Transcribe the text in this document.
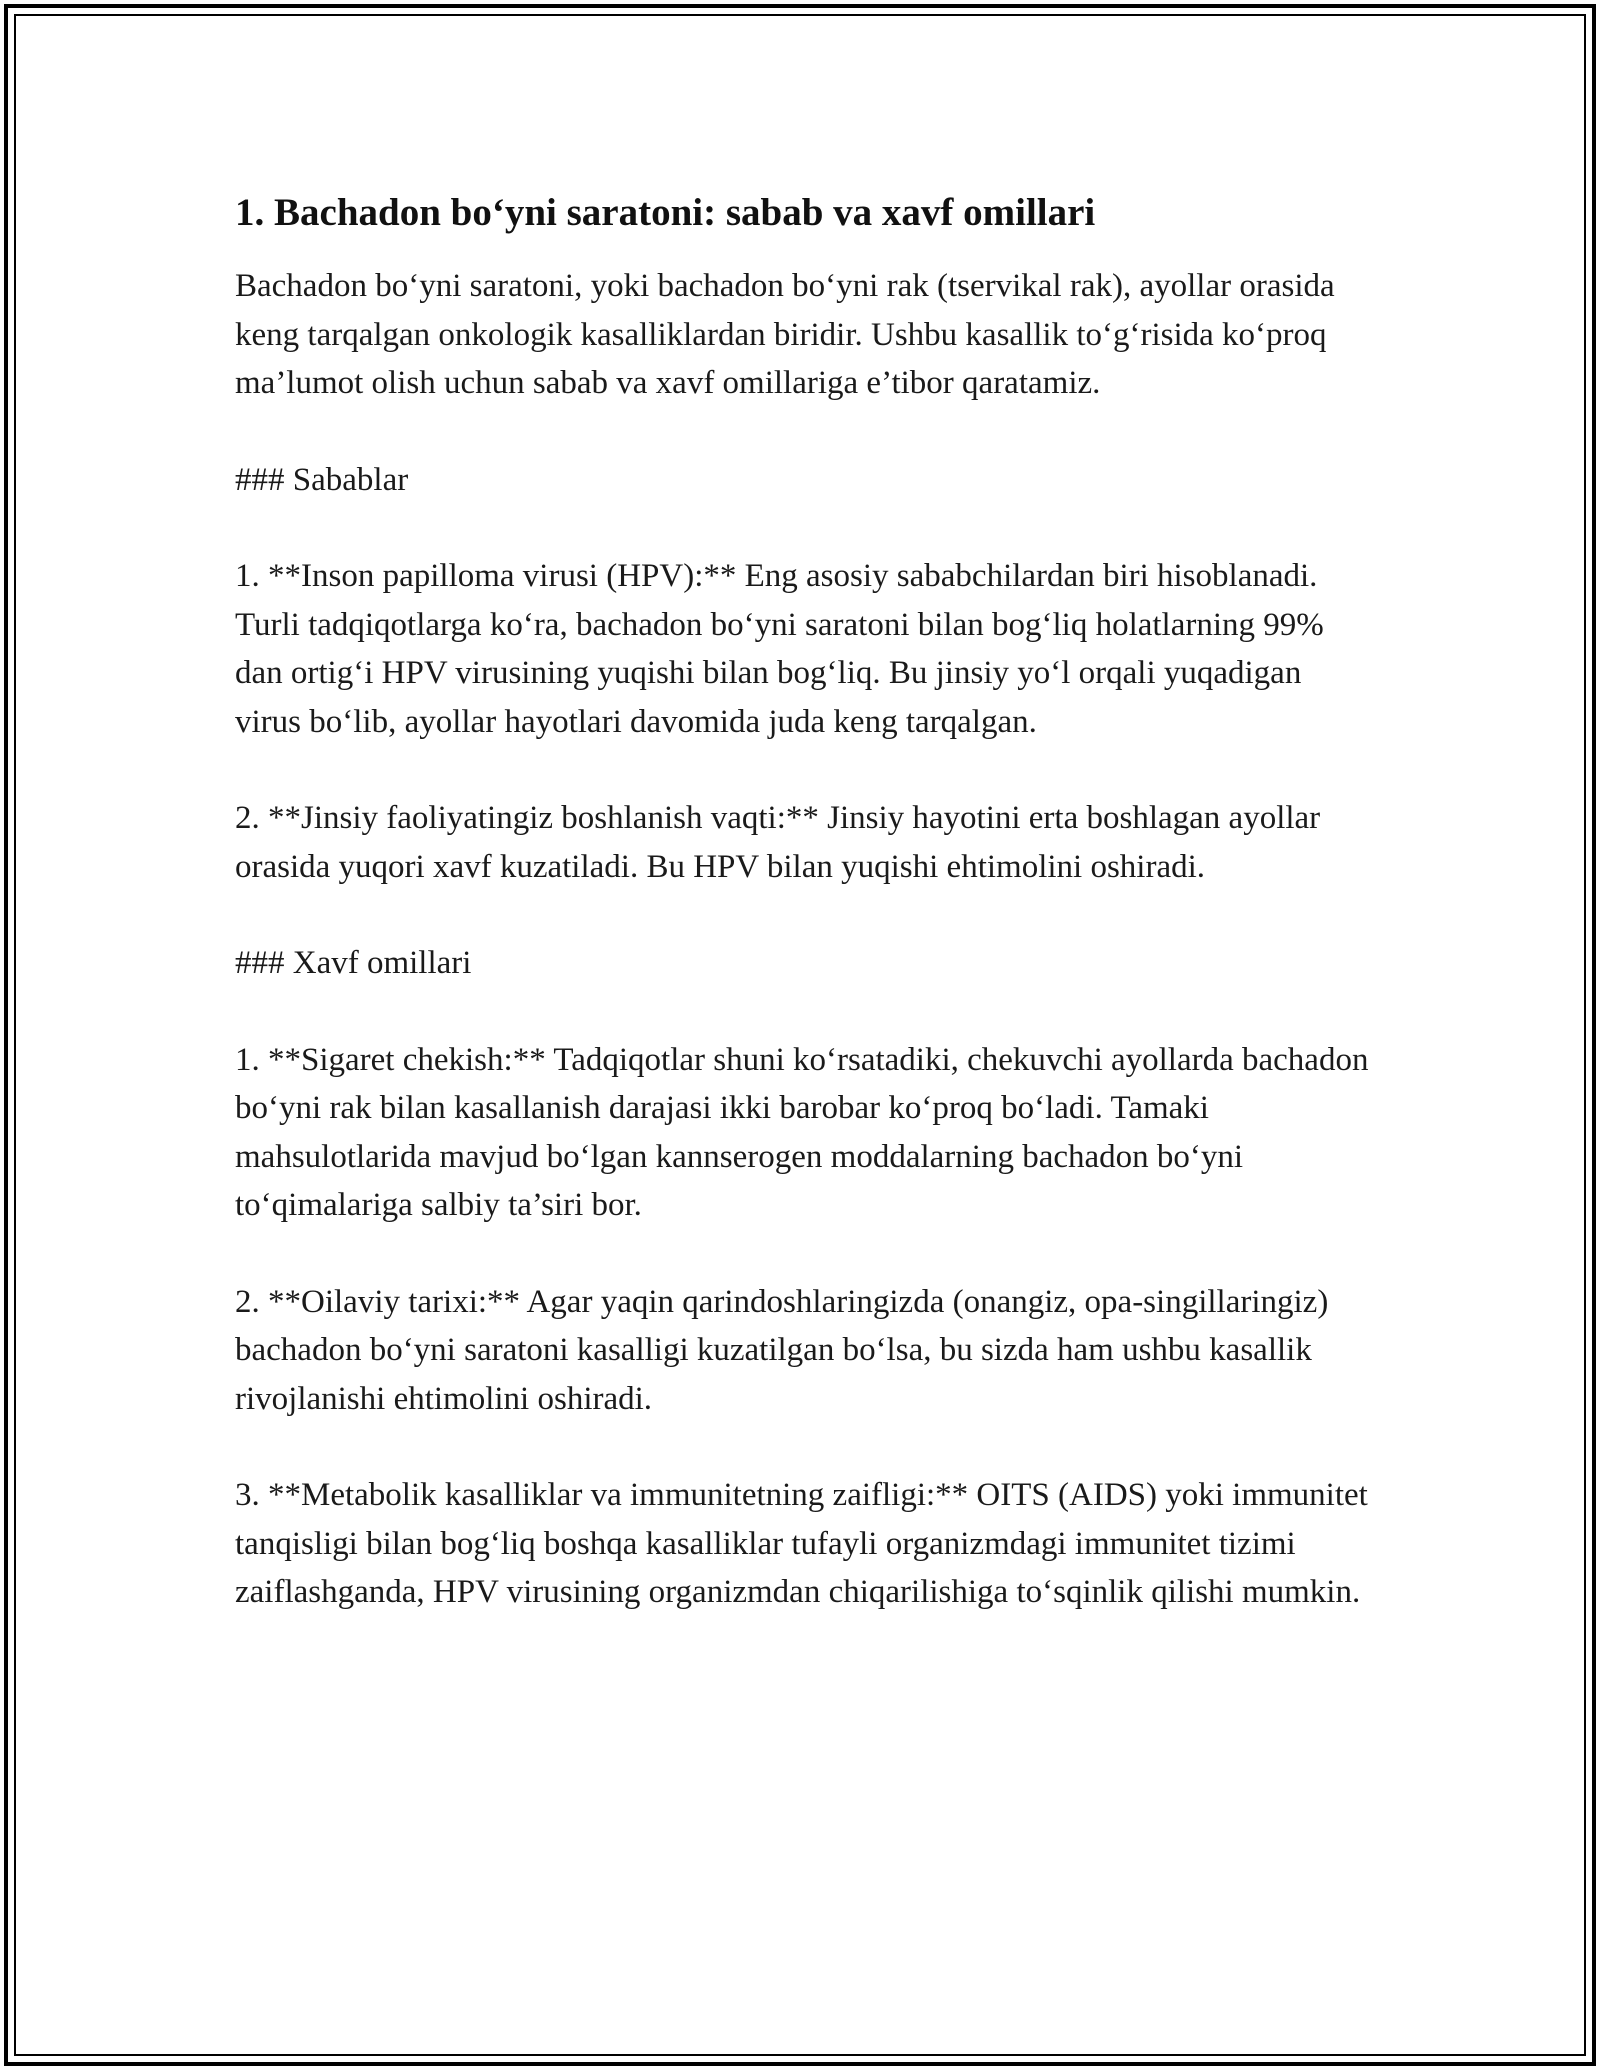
1. Bachadon bo‘yni saratoni: sabab va xavf omillari

Bachadon bo‘yni saratoni, yoki bachadon bo‘yni rak (tservikal rak), ayollar orasida keng tarqalgan onkologik kasalliklardan biridir. Ushbu kasallik to‘g‘risida ko‘proq ma’lumot olish uchun sabab va xavf omillariga e’tibor qaratamiz.

### Sabablar

1. **Inson papilloma virusi (HPV):** Eng asosiy sababchilardan biri hisoblanadi. Turli tadqiqotlarga ko‘ra, bachadon bo‘yni saratoni bilan bog‘liq holatlarning 99% dan ortig‘i HPV virusining yuqishi bilan bog‘liq. Bu jinsiy yo‘l orqali yuqadigan virus bo‘lib, ayollar hayotlari davomida juda keng tarqalgan.

2. **Jinsiy faoliyatingiz boshlanish vaqti:** Jinsiy hayotini erta boshlagan ayollar orasida yuqori xavf kuzatiladi. Bu HPV bilan yuqishi ehtimolini oshiradi.

### Xavf omillari

1. **Sigaret chekish:** Tadqiqotlar shuni ko‘rsatadiki, chekuvchi ayollarda bachadon bo‘yni rak bilan kasallanish darajasi ikki barobar ko‘proq bo‘ladi. Tamaki mahsulotlarida mavjud bo‘lgan kannserogen moddalarning bachadon bo‘yni to‘qimalariga salbiy ta’siri bor.

2. **Oilaviy tarixi:** Agar yaqin qarindoshlaringizda (onangiz, opa-singillaringiz) bachadon bo‘yni saratoni kasalligi kuzatilgan bo‘lsa, bu sizda ham ushbu kasallik rivojlanishi ehtimolini oshiradi.

3. **Metabolik kasalliklar va immunitetning zaifligi:** OITS (AIDS) yoki immunitet tanqisligi bilan bog‘liq boshqa kasalliklar tufayli organizmdagi immunitet tizimi zaiflashganda, HPV virusining organizmdan chiqarilishiga to‘sqinlik qilishi mumkin.
